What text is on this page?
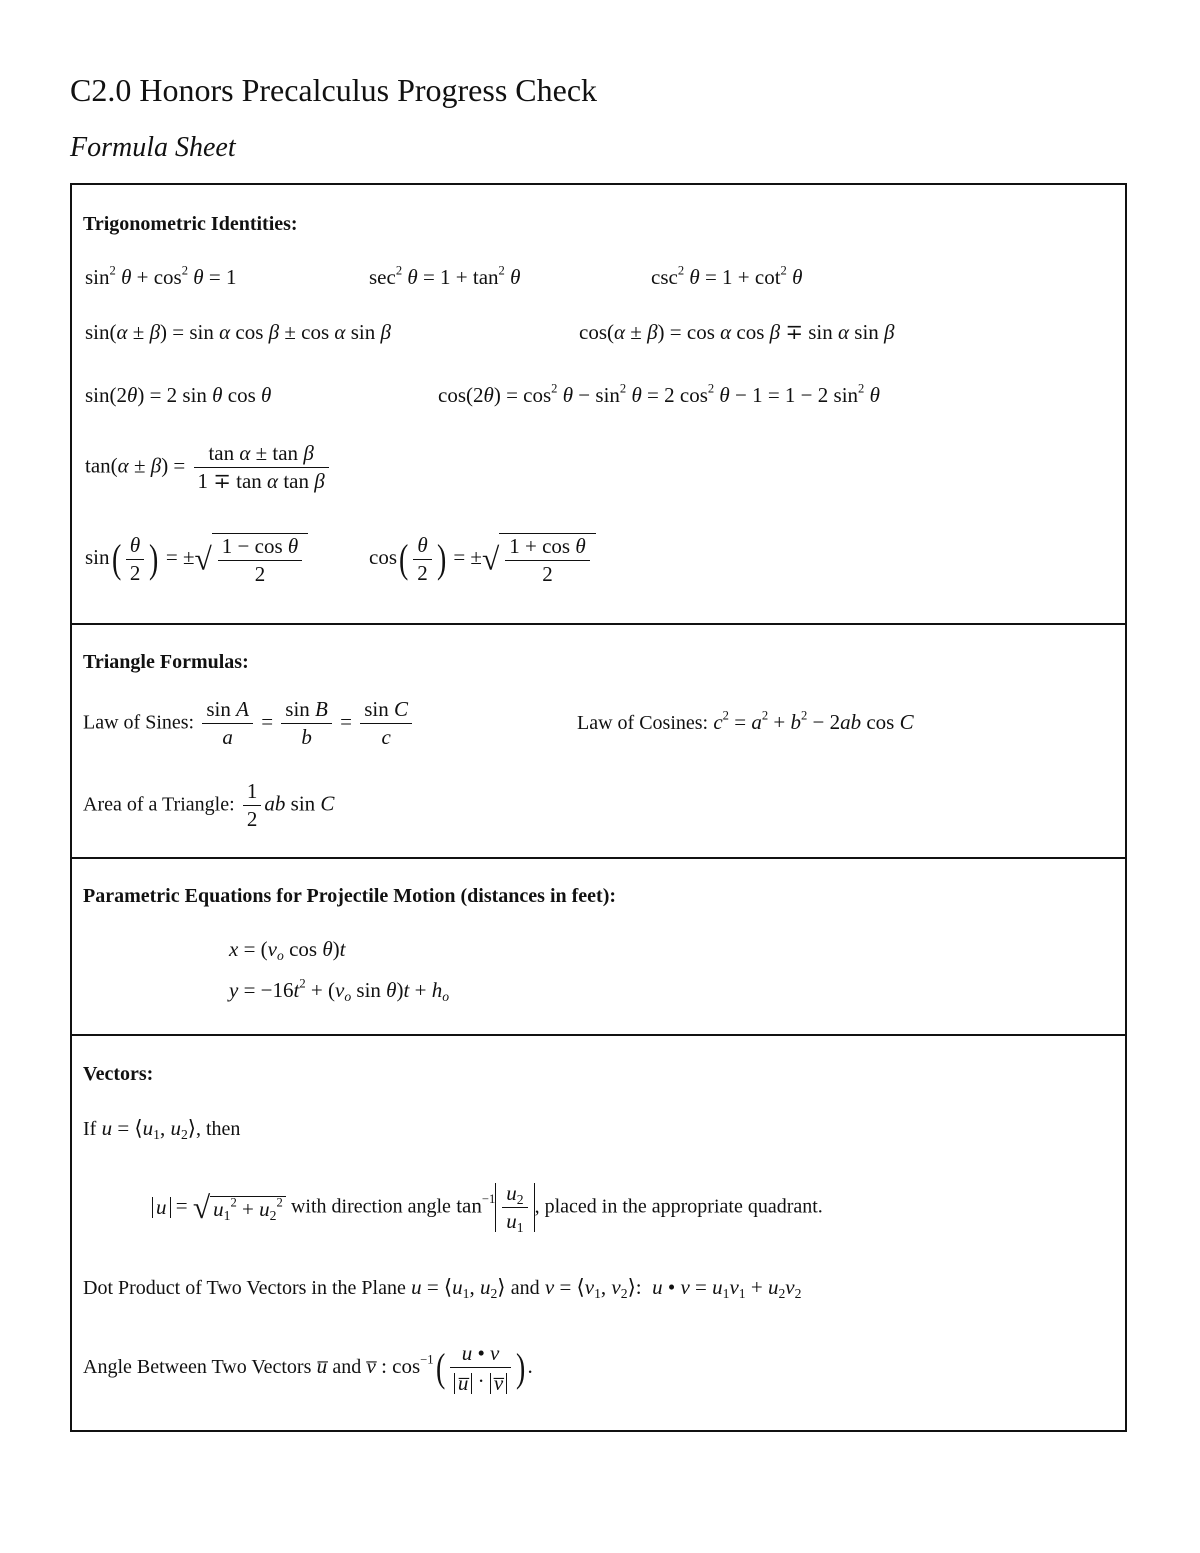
C2.0 Honors Precalculus Progress Check
Formula Sheet
Trigonometric Identities:
$\sin^2 \theta + \cos^2 \theta = 1$	$\sec^2 \theta = 1 + \tan^2 \theta$	$\csc^2 \theta = 1 + \cot^2 \theta$
sin(α ± β) = sin α cos β ± cos α sin β	cos(α ± β) = cos α cos β ∓ sin α sin β
sin(2θ) = 2 sin θ cos θ	$\cos(2\theta) = \cos^2 \theta - \sin^2 \theta = 2$ $\cos^2 \theta - 1 = 1 - 2$ $\sin^2 \theta$
$\tan(\alpha \pm \beta) = \frac{\text{tan α ± tan β}}{\text{1 ∓ tan α tan β}}$
$\sin( \frac{\theta}{2}$ ) = ±√ $\frac{\text{1 − cos θ}}{2}$	$\cos( \frac{\theta}{2}$ ) = ±√ $\frac{\text{1 + cos θ}}{2}$
Triangle Formulas:
Law of Sines: $\frac{\text{sin A}}{a} = \frac{\text{sin B}}{b} = \frac{\text{sin C}}{c}$	Law of Cosines: $c^2 = a^2 + b^2 - 2ab$ cos C
Area of a Triangle: $\frac{1}{2}$ ab sin C
Parametric Equations for Projectile Motion (distances in feet):
$x = (v_o$ cos θ)t
$y = -16t^2 + (v_o$ $\sin \theta)t + h_o$
Vectors:
If $u = ⟨u_1$, $u_2⟩$, then
u = √ $u_1^2 + u_2^2$ with direction angle $\tan^{-1} \frac{u_2}{u_1}$ , placed in the appropriate quadrant.
Dot Product of Two Vectors in the Plane $u = ⟨u_1$, $u_2⟩$ and $v = ⟨v_1$, $v_2⟩$:  u • $v = u_1v_1 + u_2v_2$
Angle Between Two Vectors u̅ and v̅ : $\cos^{-1}( \frac{u • v}{u̅ \cdot v̅}$ ).
